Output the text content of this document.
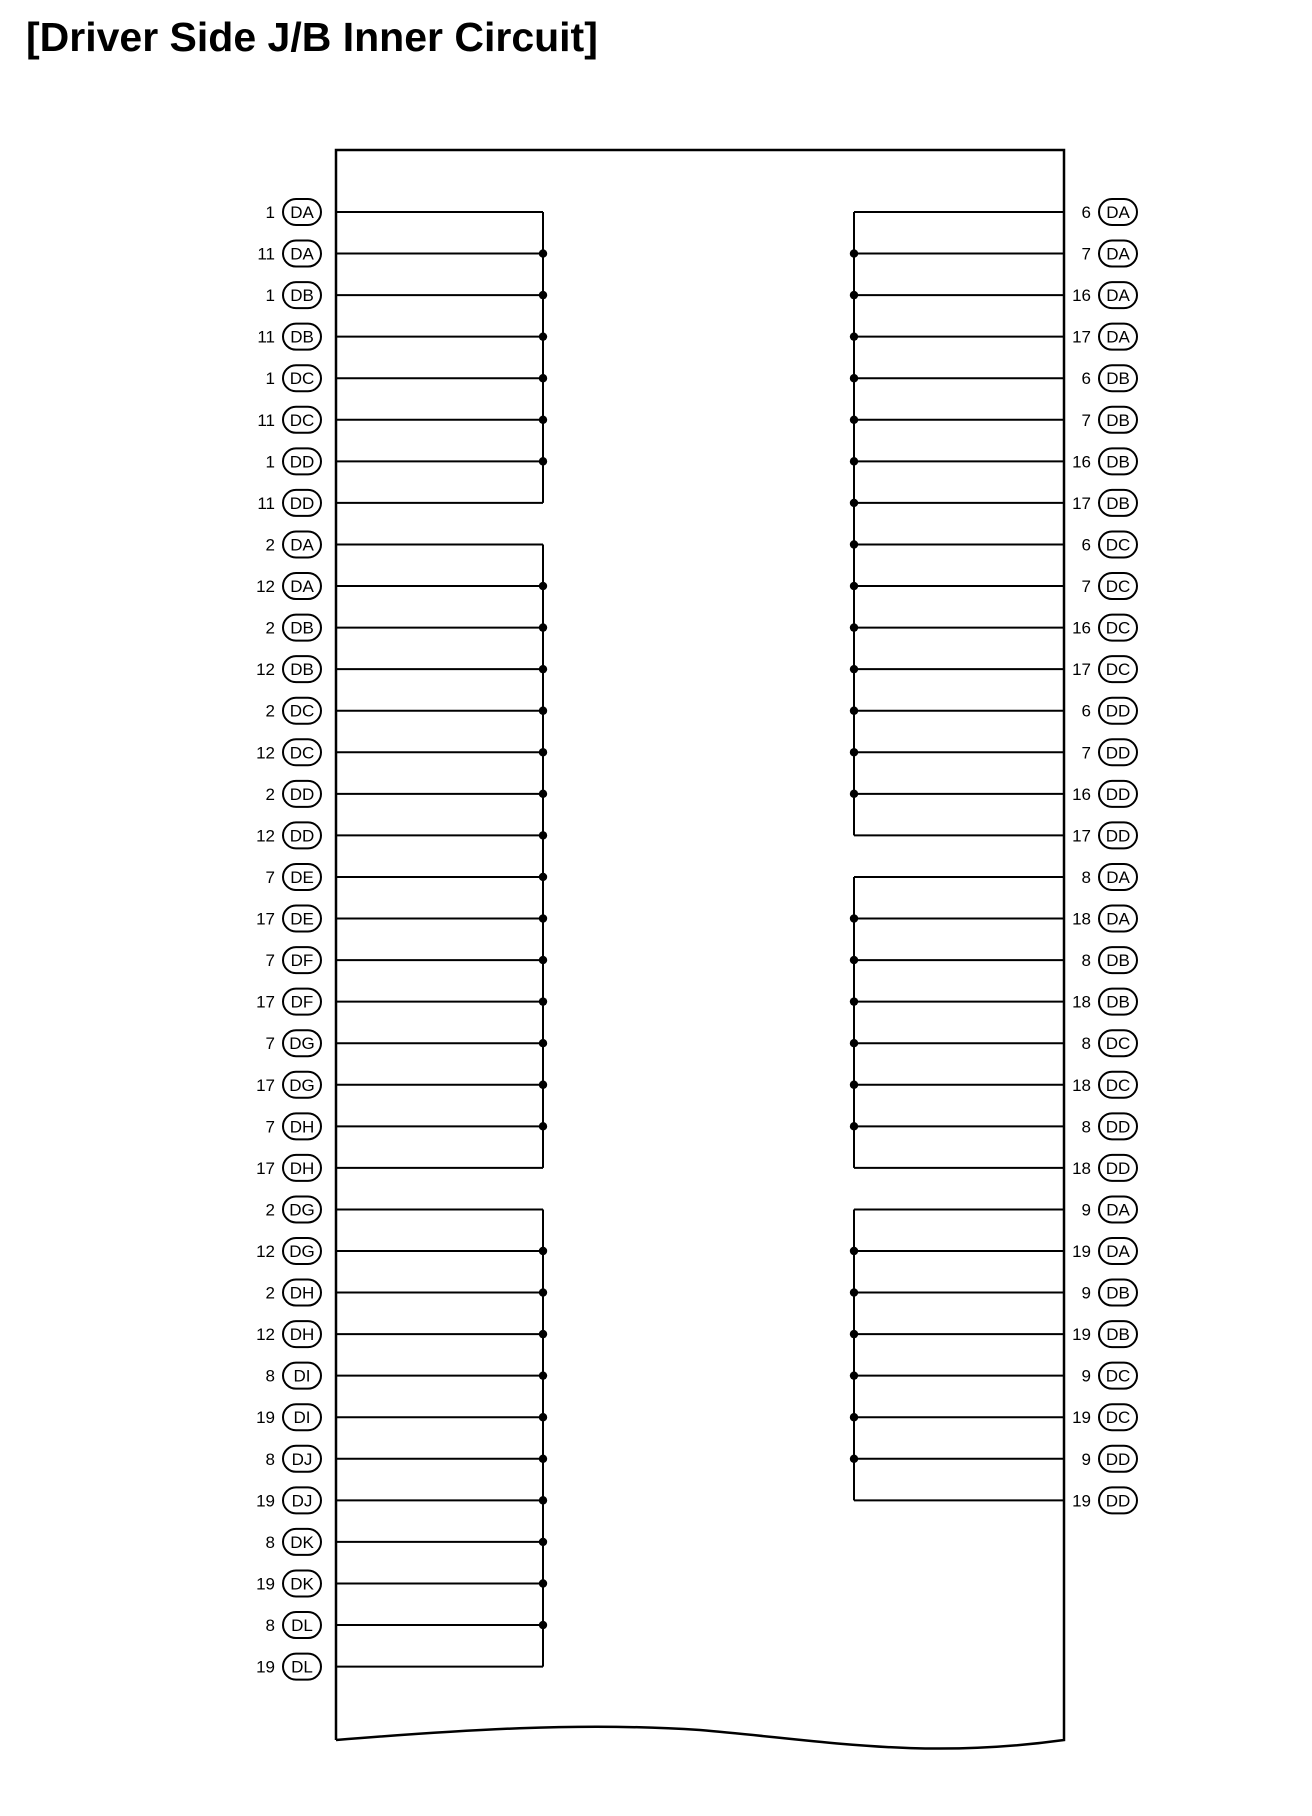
[Driver Side J/B Inner Circuit]
1 DA
11 DA
1 DB
11 DB
1 DC
11 DC
1 DD
11 DD
2 DA
12 DA
2 DB
12 DB
2 DC
12 DC
2 DD
12 DD
7 DE
17 DE
7 DF
17 DF
7 DG
17 DG
7 DH
17 DH
2 DG
12 DG
2 DH
12 DH
8 DI
19 DI
8 DJ
19 DJ
8 DK
19 DK
8 DL
19 DL
6 DA
7 DA
16 DA
17 DA
6 DB
7 DB
16 DB
17 DB
6 DC
7 DC
16 DC
17 DC
6 DD
7 DD
16 DD
17 DD
8 DA
18 DA
8 DB
18 DB
8 DC
18 DC
8 DD
18 DD
9 DA
19 DA
9 DB
19 DB
9 DC
19 DC
9 DD
19 DD
